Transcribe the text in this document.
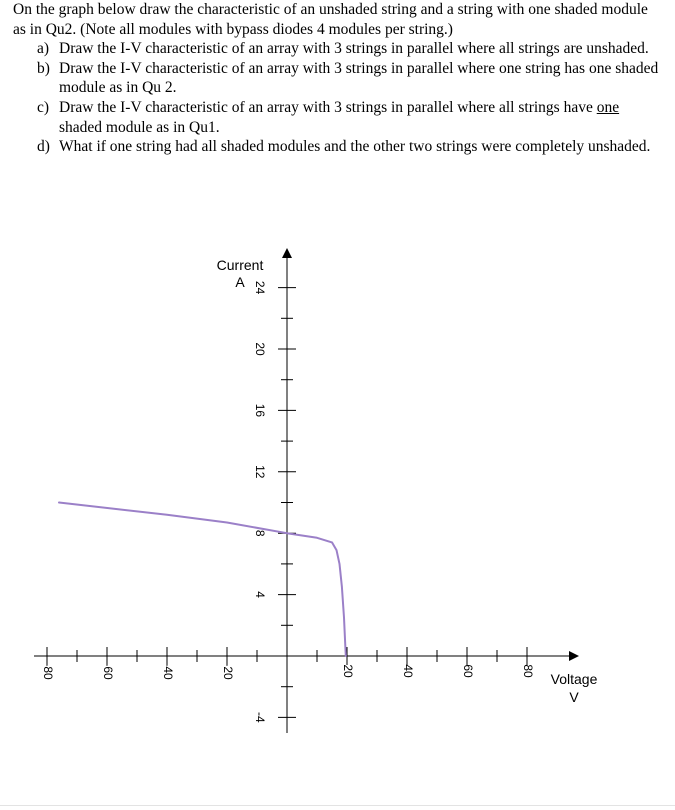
On the graph below draw the characteristic of an unshaded string and a string with one shaded module as in Qu2. (Note all modules with bypass diodes 4 modules per string.)

a) Draw the I-V characteristic of an array with 3 strings in parallel where all strings are unshaded.
b) Draw the I-V characteristic of an array with 3 strings in parallel where one string has one shaded module as in Qu 2.
c) Draw the I-V characteristic of an array with 3 strings in parallel where all strings have one shaded module as in Qu1.
d) What if one string had all shaded modules and the other two strings were completely unshaded.
-80	-60	-40	-20	20	40	60	80
24
20
16
12
8
4
-4
Current
A
Voltage
V
